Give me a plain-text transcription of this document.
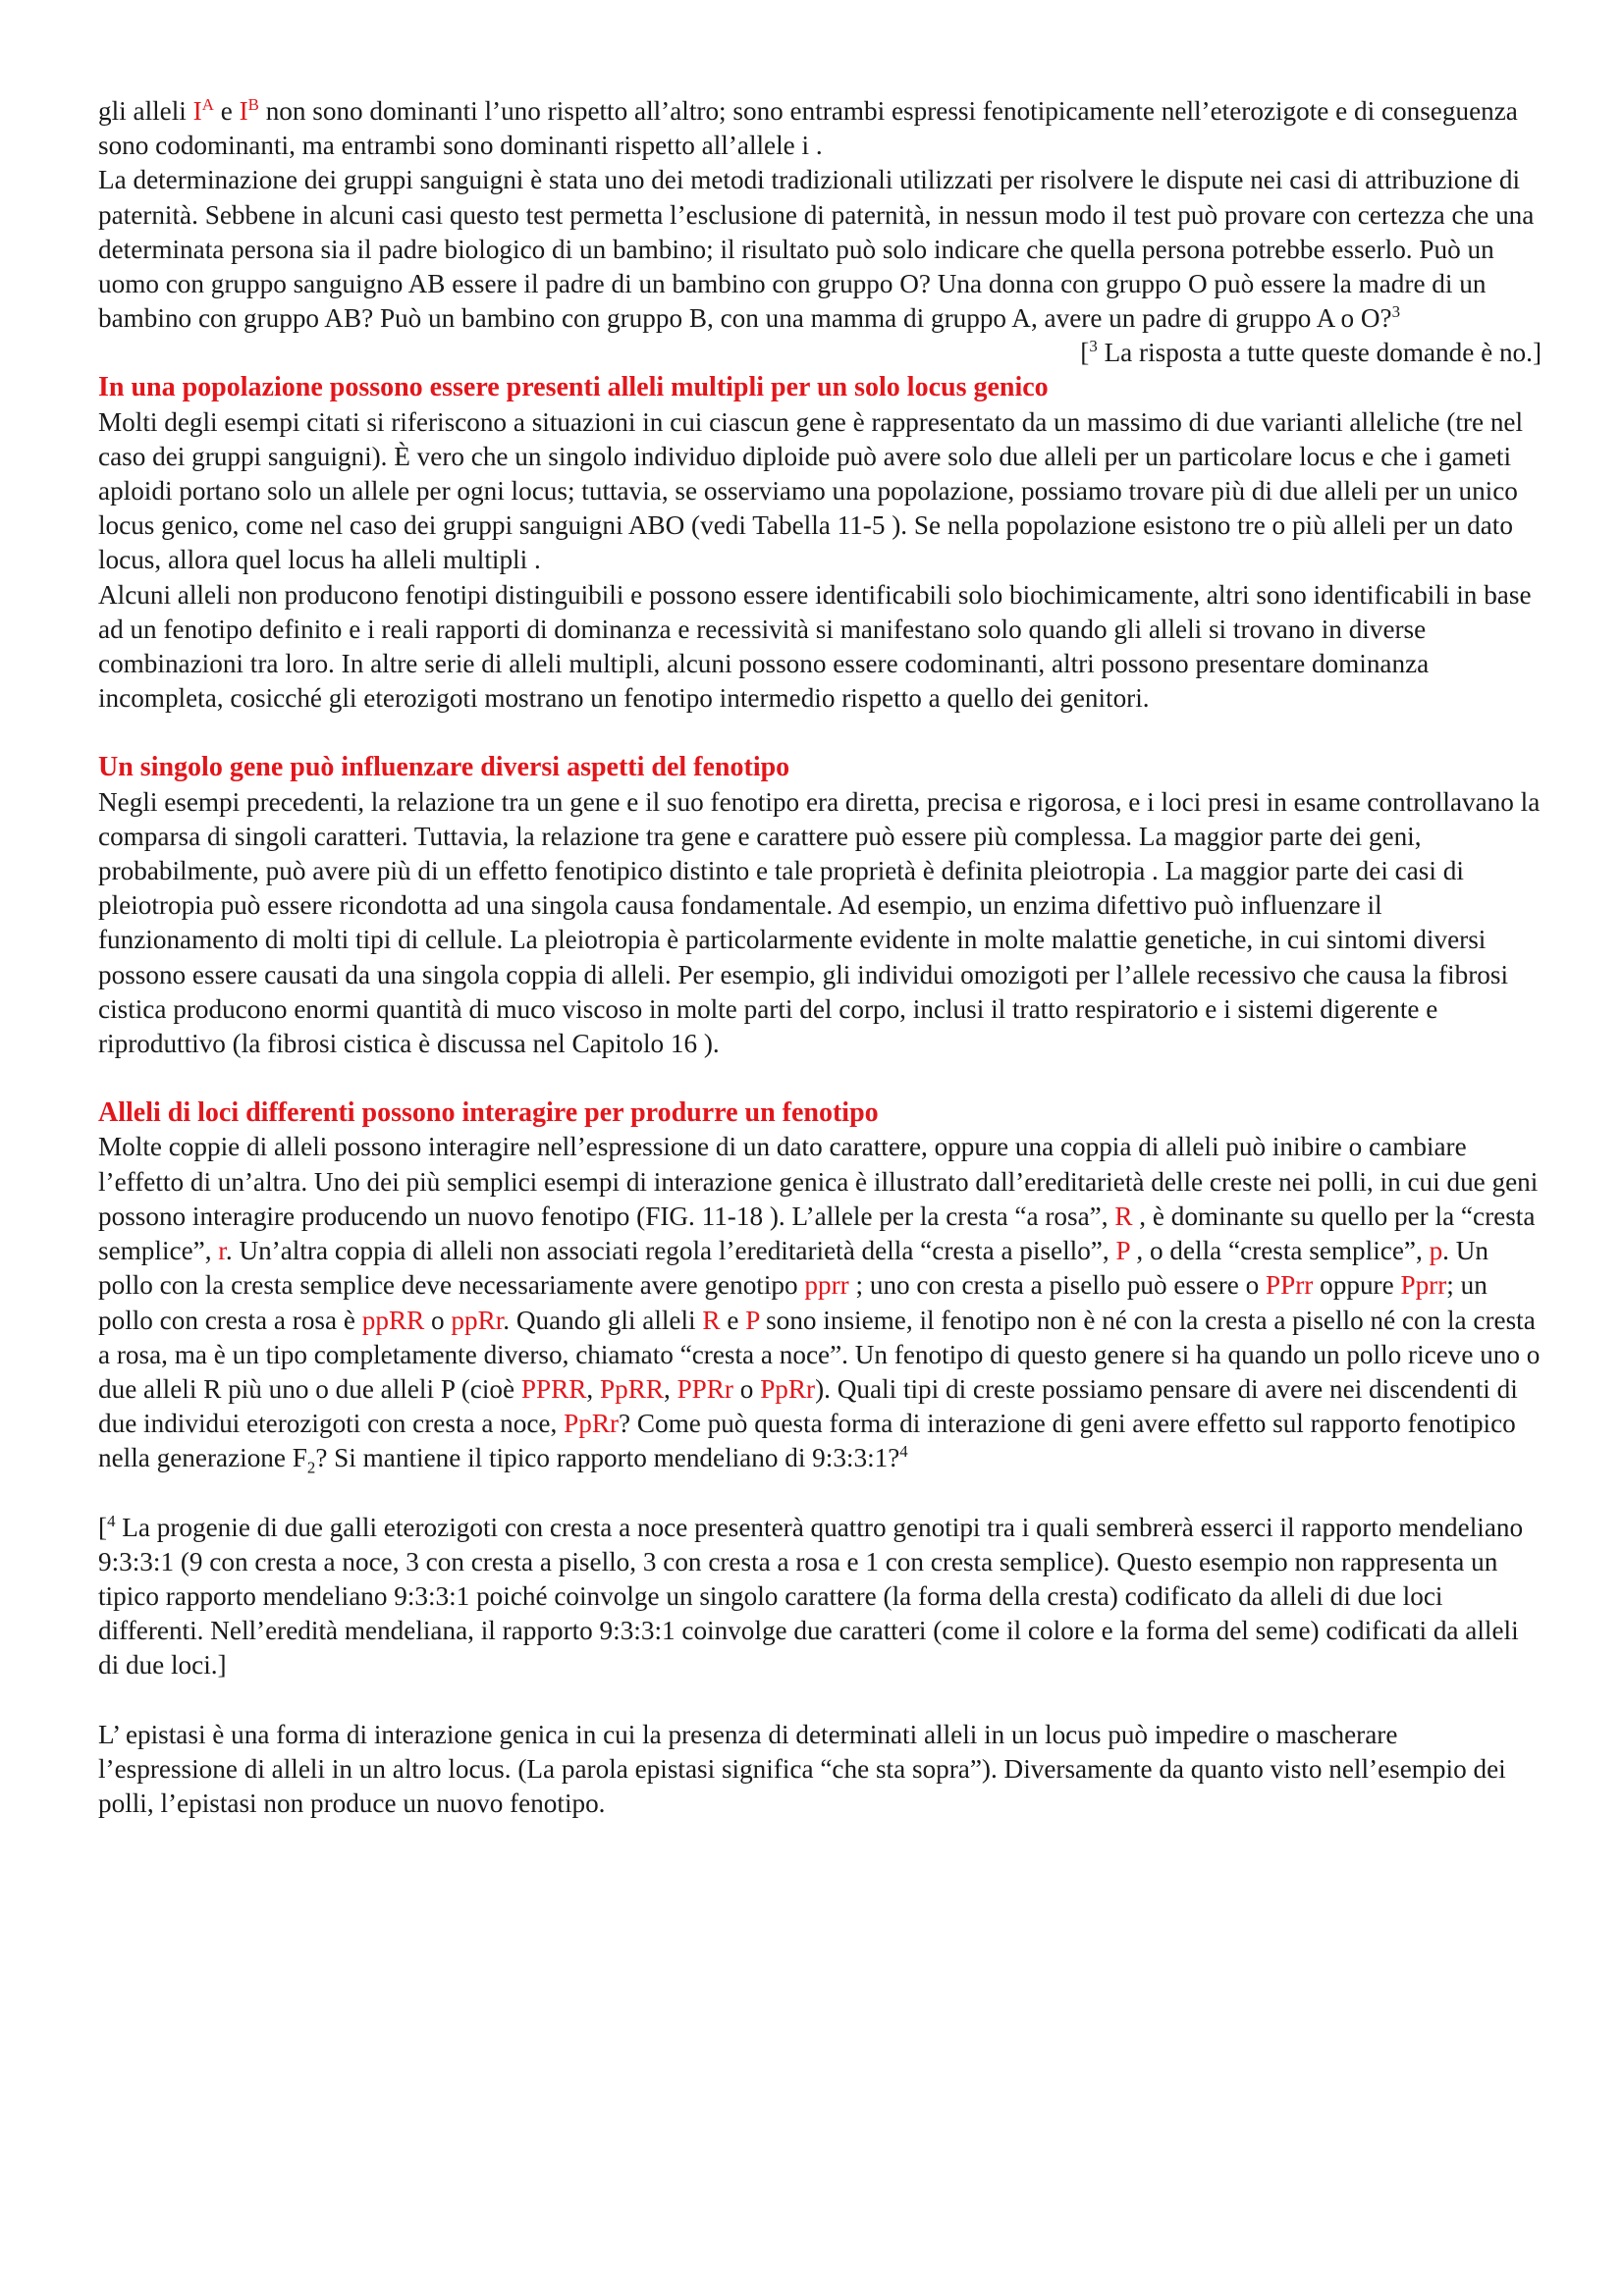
gli alleli $I^A$ e $I^B$ non sono dominanti l’uno rispetto all’altro; sono entrambi espressi fenotipicamente nell’eterozigote e di conseguenza sono codominanti, ma entrambi sono dominanti rispetto all’allele i .

La determinazione dei gruppi sanguigni è stata uno dei metodi tradizionali utilizzati per risolvere le dispute nei casi di attribuzione di paternità. Sebbene in alcuni casi questo test permetta l’esclusione di paternità, in nessun modo il test può provare con certezza che una determinata persona sia il padre biologico di un bambino; il risultato può solo indicare che quella persona potrebbe esserlo. Può un uomo con gruppo sanguigno AB essere il padre di un bambino con gruppo O? Una donna con gruppo O può essere la madre di un bambino con gruppo AB? Può un bambino con gruppo B, con una mamma di gruppo A, avere un padre di gruppo A o O?$^3$
[$^3$ La risposta a tutte queste domande è no.]

In una popolazione possono essere presenti alleli multipli per un solo locus genico

Molti degli esempi citati si riferiscono a situazioni in cui ciascun gene è rappresentato da un massimo di due varianti alleliche (tre nel caso dei gruppi sanguigni). È vero che un singolo individuo diploide può avere solo due alleli per un particolare locus e che i gameti aploidi portano solo un allele per ogni locus; tuttavia, se osserviamo una popolazione, possiamo trovare più di due alleli per un unico locus genico, come nel caso dei gruppi sanguigni ABO (vedi Tabella 11-5 ). Se nella popolazione esistono tre o più alleli per un dato locus, allora quel locus ha alleli multipli .

Alcuni alleli non producono fenotipi distinguibili e possono essere identificabili solo biochimicamente, altri sono identificabili in base ad un fenotipo definito e i reali rapporti di dominanza e recessività si manifestano solo quando gli alleli si trovano in diverse combinazioni tra loro. In altre serie di alleli multipli, alcuni possono essere codominanti, altri possono presentare dominanza incompleta, cosicché gli eterozigoti mostrano un fenotipo intermedio rispetto a quello dei genitori.

Un singolo gene può influenzare diversi aspetti del fenotipo

Negli esempi precedenti, la relazione tra un gene e il suo fenotipo era diretta, precisa e rigorosa, e i loci presi in esame controllavano la comparsa di singoli caratteri. Tuttavia, la relazione tra gene e carattere può essere più complessa. La maggior parte dei geni, probabilmente, può avere più di un effetto fenotipico distinto e tale proprietà è definita pleiotropia . La maggior parte dei casi di pleiotropia può essere ricondotta ad una singola causa fondamentale. Ad esempio, un enzima difettivo può influenzare il funzionamento di molti tipi di cellule. La pleiotropia è particolarmente evidente in molte malattie genetiche, in cui sintomi diversi possono essere causati da una singola coppia di alleli. Per esempio, gli individui omozigoti per l’allele recessivo che causa la fibrosi cistica producono enormi quantità di muco viscoso in molte parti del corpo, inclusi il tratto respiratorio e i sistemi digerente e riproduttivo (la fibrosi cistica è discussa nel Capitolo 16 ).

Alleli di loci differenti possono interagire per produrre un fenotipo

Molte coppie di alleli possono interagire nell’espressione di un dato carattere, oppure una coppia di alleli può inibire o cambiare l’effetto di un’altra. Uno dei più semplici esempi di interazione genica è illustrato dall’ereditarietà delle creste nei polli, in cui due geni possono interagire producendo un nuovo fenotipo (FIG. 11-18 ). L’allele per la cresta “a rosa”, R , è dominante su quello per la “cresta semplice”, r. Un’altra coppia di alleli non associati regola l’ereditarietà della “cresta a pisello”, P , o della “cresta semplice”, p. Un pollo con la cresta semplice deve necessariamente avere genotipo pprr ; uno con cresta a pisello può essere o PPrr oppure Pprr; un pollo con cresta a rosa è ppRR o ppRr. Quando gli alleli R e P sono insieme, il fenotipo non è né con la cresta a pisello né con la cresta a rosa, ma è un tipo completamente diverso, chiamato “cresta a noce”. Un fenotipo di questo genere si ha quando un pollo riceve uno o due alleli R più uno o due alleli P (cioè PPRR, PpRR, PPRr o PpRr). Quali tipi di creste possiamo pensare di avere nei discendenti di due individui eterozigoti con cresta a noce, PpRr? Come può questa forma di interazione di geni avere effetto sul rapporto fenotipico nella generazione $F_2$? Si mantiene il tipico rapporto mendeliano di 9:3:3:1?$^4$

[$^4$ La progenie di due galli eterozigoti con cresta a noce presenterà quattro genotipi tra i quali sembrerà esserci il rapporto mendeliano 9:3:3:1 (9 con cresta a noce, 3 con cresta a pisello, 3 con cresta a rosa e 1 con cresta semplice). Questo esempio non rappresenta un tipico rapporto mendeliano 9:3:3:1 poiché coinvolge un singolo carattere (la forma della cresta) codificato da alleli di due loci differenti. Nell’eredità mendeliana, il rapporto 9:3:3:1 coinvolge due caratteri (come il colore e la forma del seme) codificati da alleli di due loci.]

L’ epistasi è una forma di interazione genica in cui la presenza di determinati alleli in un locus può impedire o mascherare l’espressione di alleli in un altro locus. (La parola epistasi significa “che sta sopra”). Diversamente da quanto visto nell’esempio dei polli, l’epistasi non produce un nuovo fenotipo.
